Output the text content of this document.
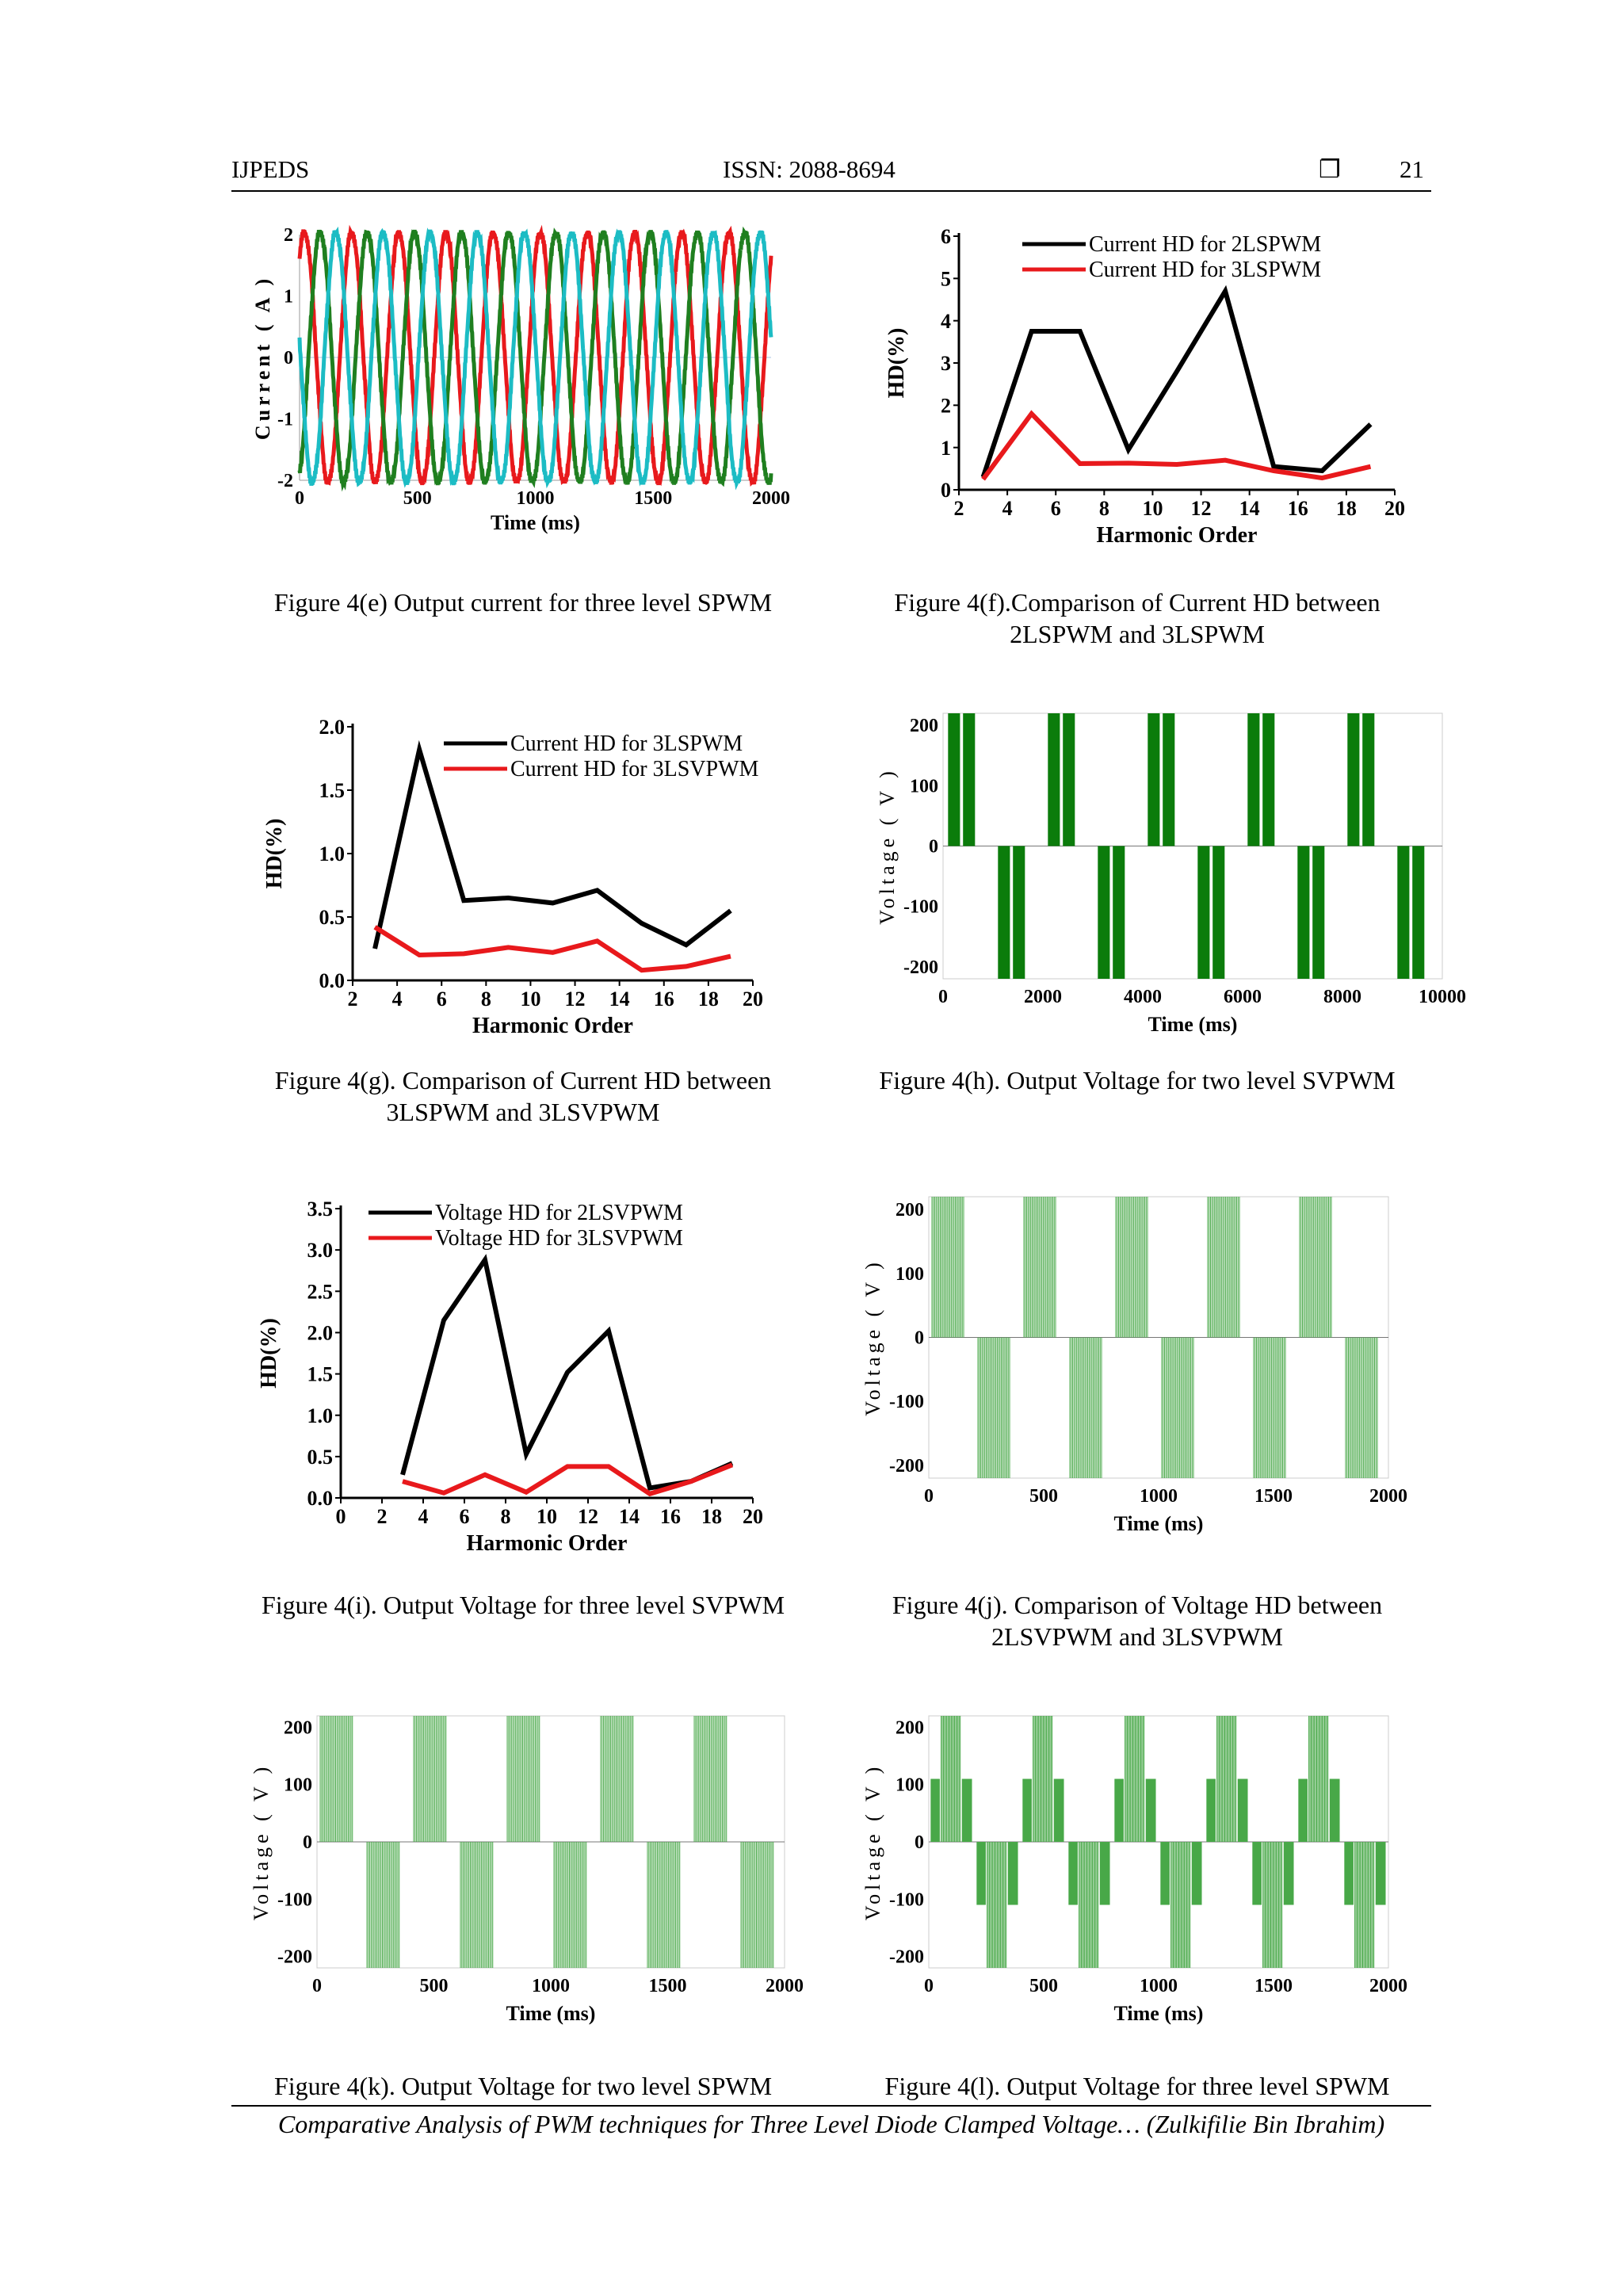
IJPEDS	ISSN: 2088-8694	❐ 21
0	500	1000	1500	2000
2
1
0
-1
-2
Time (ms)
Current ( A )
2 4 6 8 10 12 14 16 18 20
6
5
4
3
2
1
0
Harmonic Order
HD(%)
Current HD for 2LSPWM
Current HD for 3LSPWM
2 4 6 8 10 12 14 16 18 20
2.0
1.5
1.0
0.5
0.0
Harmonic Order
HD(%)
Current HD for 3LSPWM
Current HD for 3LSVPWM
0	2000	4000	6000	8000	10000
200
100
0
-100
-200
Time (ms)
Voltage ( V )
0 2 4 6 8 10 12 14 16 18 20
3.5
3.0
2.5
2.0
1.5
1.0
0.5
0.0
Harmonic Order
HD(%)
Voltage HD for 2LSVPWM
Voltage HD for 3LSVPWM
0	500	1000	1500	2000
200
100
0
-100
-200
Time (ms)
Voltage ( V )
0	500	1000	1500	2000
200
100
0
-100
-200
Time (ms)
Voltage ( V )
0	500	1000	1500	2000
200
100
0
-100
-200
Time (ms)
Voltage ( V )
Figure 4(e) Output current for three level SPWM	Figure 4(f).Comparison of Current HD between
2LSPWM and 3LSPWM
Figure 4(g). Comparison of Current HD between
3LSPWM and 3LSVPWM
Figure 4(h). Output Voltage for two level SVPWM
Figure 4(i). Output Voltage for three level SVPWM	Figure 4(j). Comparison of Voltage HD between
2LSVPWM and 3LSVPWM
Figure 4(k). Output Voltage for two level SPWM	Figure 4(l). Output Voltage for three level SPWM
Comparative Analysis of PWM techniques for Three Level Diode Clamped Voltage… (Zulkifilie Bin Ibrahim)
